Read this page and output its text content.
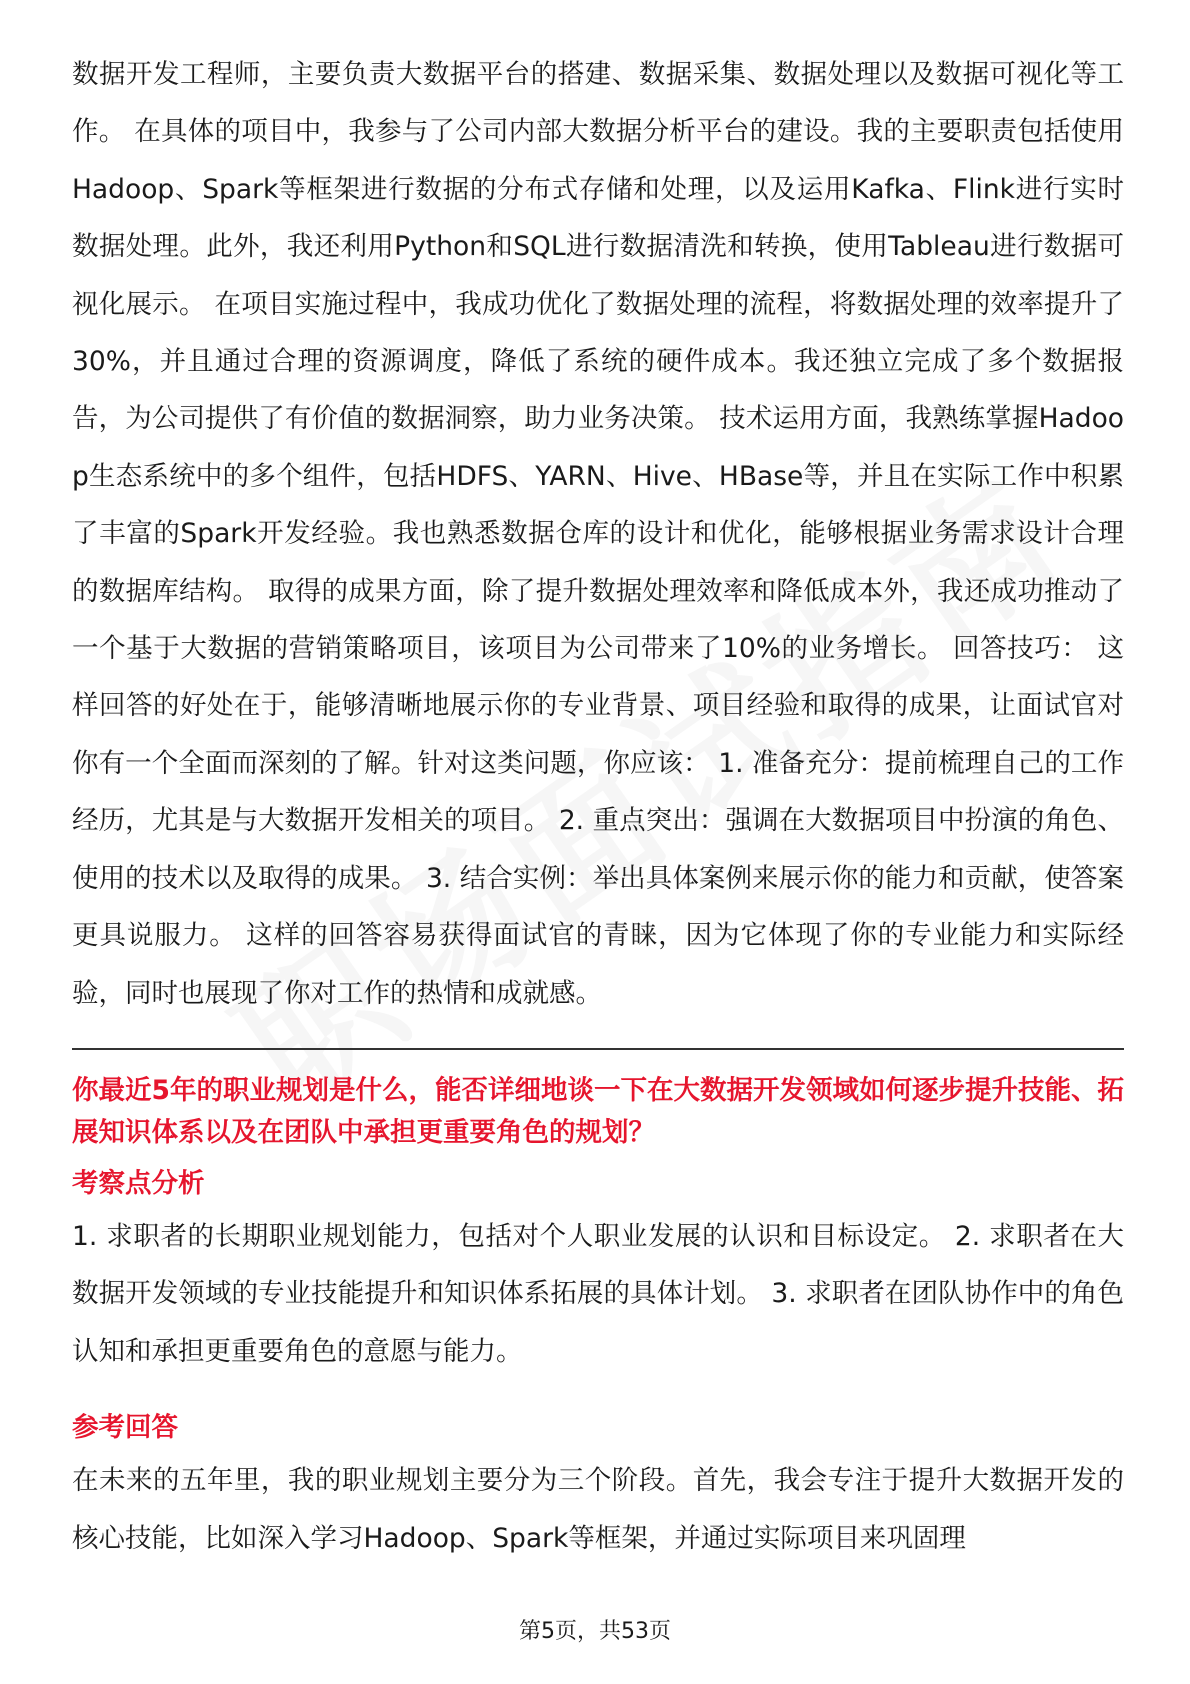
数据开发工程师，主要负责大数据平台的搭建、数据采集、数据处理以及数据可视化等工作。 在具体的项目中，我参与了公司内部大数据分析平台的建设。我的主要职责包括使用Hadoop、Spark等框架进行数据的分布式存储和处理，以及运用Kafka、Flink进行实时数据处理。此外，我还利用Python和SQL进行数据清洗和转换，使用Tableau进行数据可视化展示。 在项目实施过程中，我成功优化了数据处理的流程，将数据处理的效率提升了30%，并且通过合理的资源调度，降低了系统的硬件成本。我还独立完成了多个数据报告，为公司提供了有价值的数据洞察，助力业务决策。 技术运用方面，我熟练掌握Hadoop生态系统中的多个组件，包括HDFS、YARN、Hive、HBase等，并且在实际工作中积累了丰富的Spark开发经验。我也熟悉数据仓库的设计和优化，能够根据业务需求设计合理的数据库结构。 取得的成果方面，除了提升数据处理效率和降低成本外，我还成功推动了一个基于大数据的营销策略项目，该项目为公司带来了10%的业务增长。 回答技巧： 这样回答的好处在于，能够清晰地展示你的专业背景、项目经验和取得的成果，让面试官对你有一个全面而深刻的了解。针对这类问题，你应该： 1. 准备充分：提前梳理自己的工作经历，尤其是与大数据开发相关的项目。 2. 重点突出：强调在大数据项目中扮演的角色、使用的技术以及取得的成果。 3. 结合实例：举出具体案例来展示你的能力和贡献，使答案更具说服力。 这样的回答容易获得面试官的青睐，因为它体现了你的专业能力和实际经验，同时也展现了你对工作的热情和成就感。

你最近5年的职业规划是什么，能否详细地谈一下在大数据开发领域如何逐步提升技能、拓展知识体系以及在团队中承担更重要角色的规划？

考察点分析

1. 求职者的长期职业规划能力，包括对个人职业发展的认识和目标设定。 2. 求职者在大数据开发领域的专业技能提升和知识体系拓展的具体计划。 3. 求职者在团队协作中的角色认知和承担更重要角色的意愿与能力。

参考回答

在未来的五年里，我的职业规划主要分为三个阶段。首先，我会专注于提升大数据开发的核心技能，比如深入学习Hadoop、Spark等框架，并通过实际项目来巩固理

第5页，共53页
